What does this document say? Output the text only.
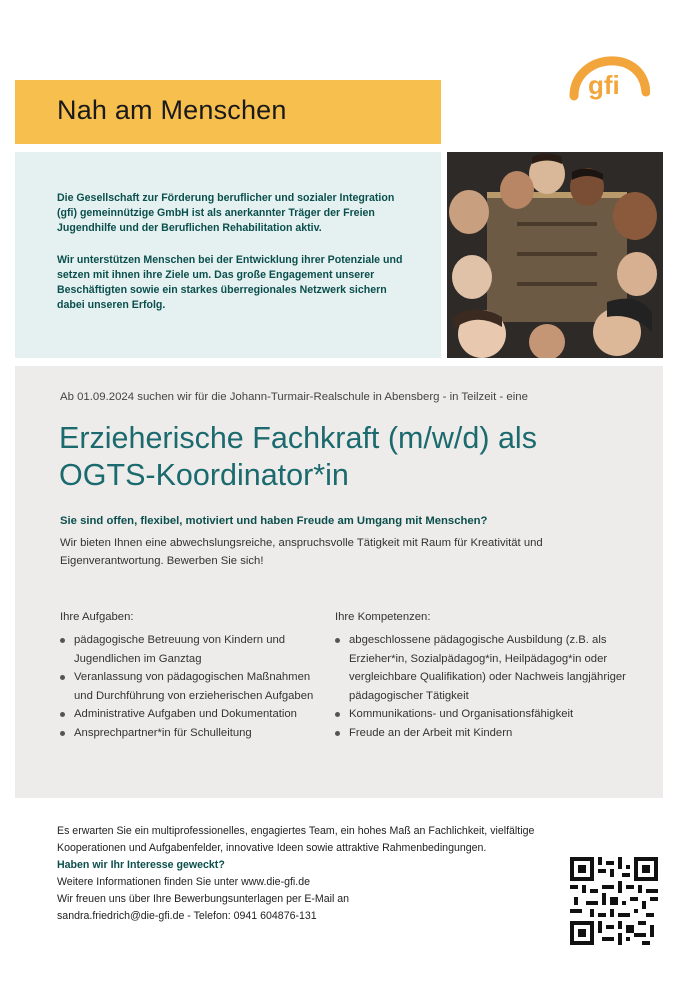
gfi
Nah am Menschen

Die Gesellschaft zur Förderung beruflicher und sozialer Integration (gfi) gemeinnützige GmbH ist als anerkannter Träger der Freien Jugendhilfe und der Beruflichen Rehabilitation aktiv.

Wir unterstützen Menschen bei der Entwicklung ihrer Potenziale und setzen mit ihnen ihre Ziele um. Das große Engagement unserer Beschäftigten sowie ein starkes überregionales Netzwerk sichern dabei unseren Erfolg.

Ab 01.09.2024 suchen wir für die Johann-Turmair-Realschule in Abensberg - in Teilzeit - eine
Erzieherische Fachkraft (m/w/d) als
OGTS-Koordinator*in
Sie sind offen, flexibel, motiviert und haben Freude am Umgang mit Menschen?
Wir bieten Ihnen eine abwechslungsreiche, anspruchsvolle Tätigkeit mit Raum für Kreativität und Eigenverantwortung. Bewerben Sie sich!
Ihre Aufgaben:
pädagogische Betreuung von Kindern und Jugendlichen im Ganztag
Veranlassung von pädagogischen Maßnahmen und Durchführung von erzieherischen Aufgaben
Administrative Aufgaben und Dokumentation
Ansprechpartner*in für Schulleitung
Ihre Kompetenzen:
abgeschlossene pädagogische Ausbildung (z.B. als Erzieher*in, Sozialpädagog*in, Heilpädagog*in oder vergleichbare Qualifikation) oder Nachweis langjähriger pädagogischer Tätigkeit
Kommunikations- und Organisationsfähigkeit
Freude an der Arbeit mit Kindern
Es erwarten Sie ein multiprofessionelles, engagiertes Team, ein hohes Maß an Fachlichkeit, vielfältige Kooperationen und Aufgabenfelder, innovative Ideen sowie attraktive Rahmenbedingungen.
Haben wir Ihr Interesse geweckt?
Weitere Informationen finden Sie unter www.die-gfi.de
Wir freuen uns über Ihre Bewerbungsunterlagen per E-Mail an
sandra.friedrich@die-gfi.de - Telefon: 0941 604876-131
